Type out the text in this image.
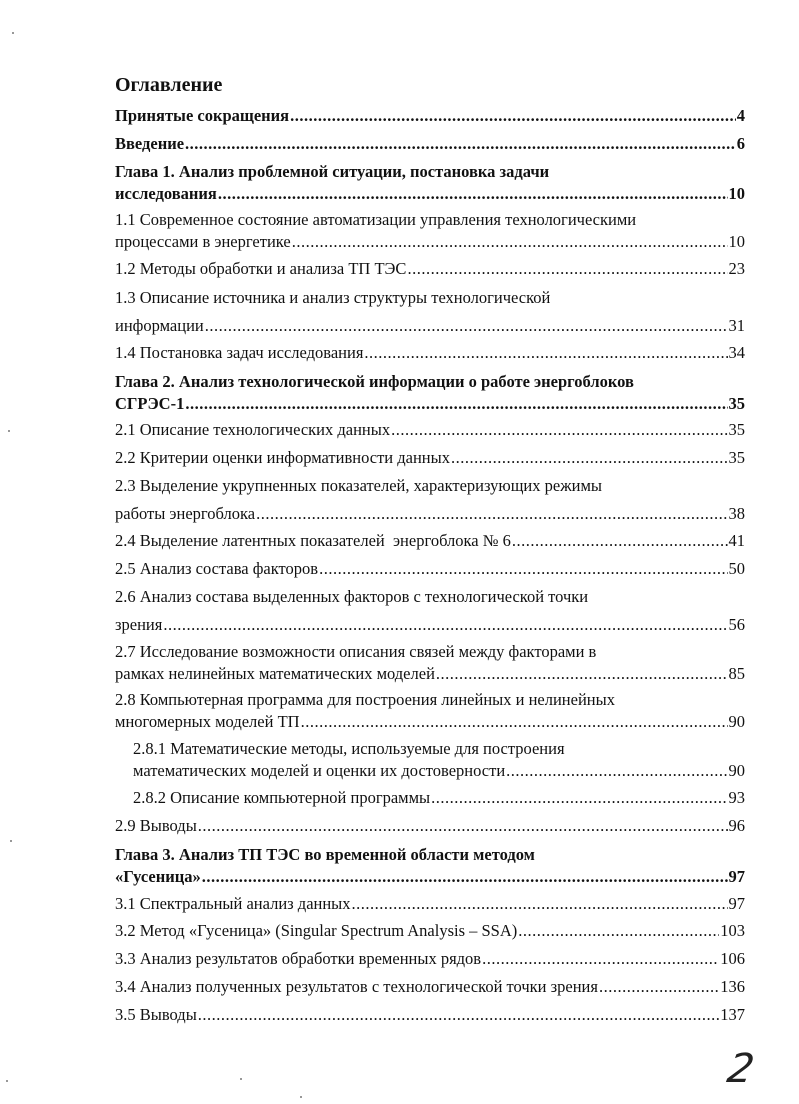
Оглавление
Принятые сокращения .....	4
Введение .....	6
Глава 1. Анализ проблемной ситуации, постановка задачи
исследования .....	10
1.1 Современное состояние автоматизации управления технологическими
процессами в энергетике .....	10
1.2 Методы обработки и анализа ТП ТЭС .....	23
1.3 Описание источника и анализ структуры технологической
информации .....	31
1.4 Постановка задач исследования .....	34
Глава 2. Анализ технологической информации о работе энергоблоков
СГРЭС-1 .....	35
2.1 Описание технологических данных .....	35
2.2 Критерии оценки информативности данных .....	35
2.3 Выделение укрупненных показателей, характеризующих режимы
работы энергоблока .....	38
2.4 Выделение латентных показателей  энергоблока № 6 .....	41
2.5 Анализ состава факторов .....	50
2.6 Анализ состава выделенных факторов с технологической точки
зрения .....	56
2.7 Исследование возможности описания связей между факторами в
рамках нелинейных математических моделей .....	85
2.8 Компьютерная программа для построения линейных и нелинейных
многомерных моделей ТП .....	90
2.8.1 Математические методы, используемые для построения
математических моделей и оценки их достоверности .....	90
2.8.2 Описание компьютерной программы .....	93
2.9 Выводы .....	96
Глава 3. Анализ ТП ТЭС во временной области методом
«Гусеница» .....	97
3.1 Спектральный анализ данных .....	97
3.2 Метод «Гусеница» (Singular Spectrum Analysis – SSA) .....	103
3.3 Анализ результатов обработки временных рядов .....	106
3.4 Анализ полученных результатов с технологической точки зрения .....	136
3.5 Выводы .....	137
2
